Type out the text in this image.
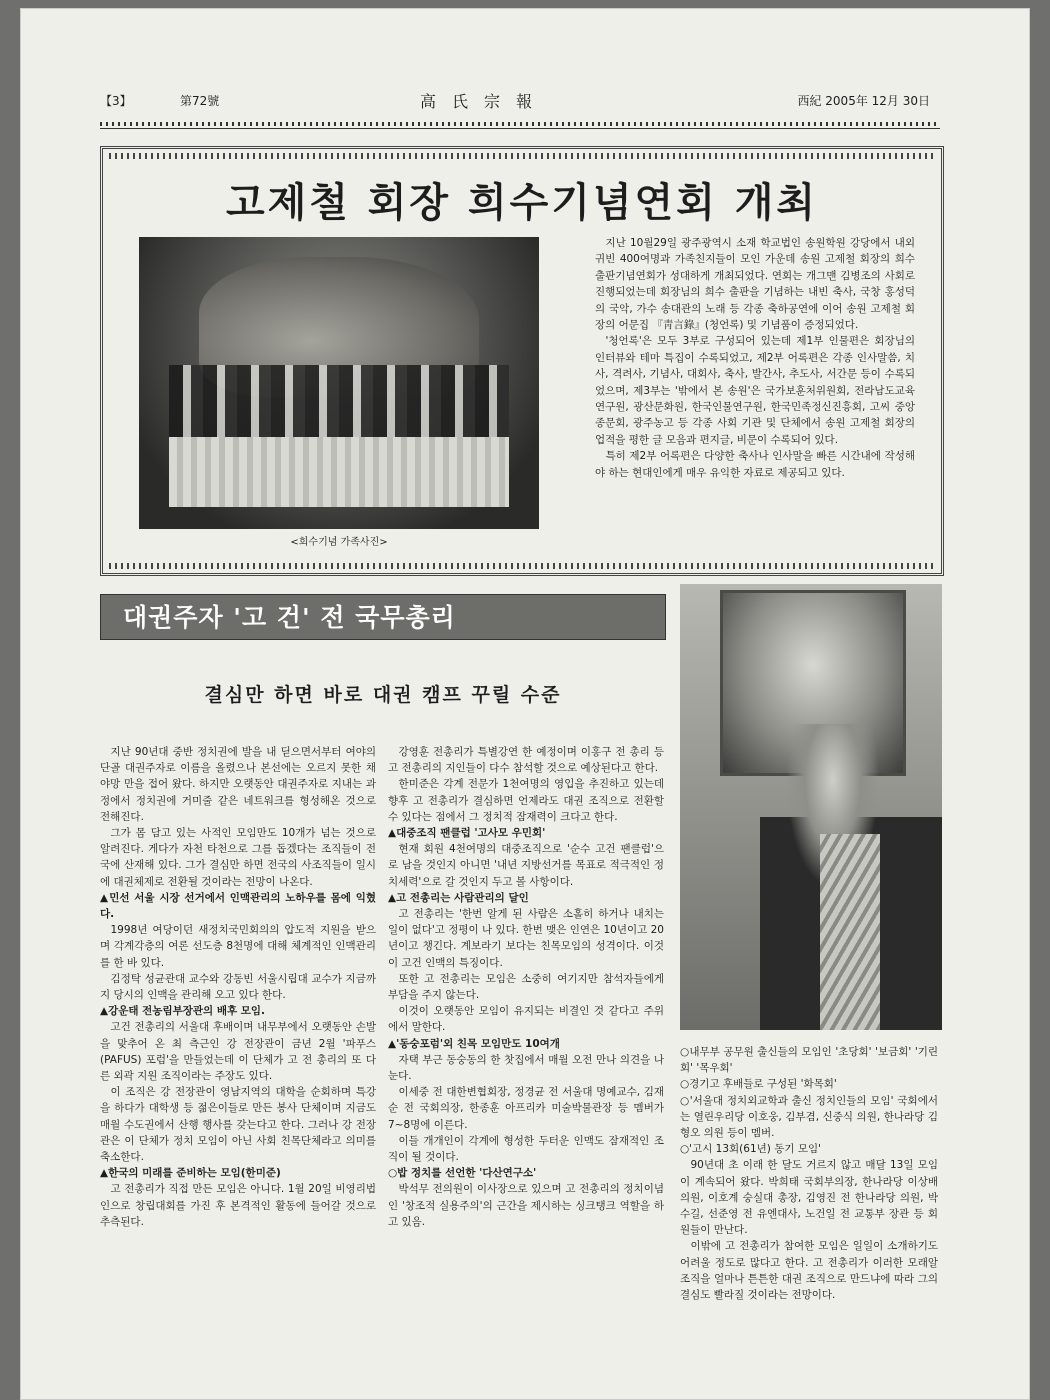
【3】	第72號	高氏宗報	西紀 2005年 12月 30日
고제철 회장 희수기념연회 개최
<희수기념 가족사진>

지난 10월29일 광주광역시 소재 학교법인 송원학원 강당에서 내외 귀빈 400여명과 가족친지들이 모인 가운데 송원 고제철 회장의 희수 출판기념연회가 성대하게 개최되었다. 연회는 개그맨 김병조의 사회로 진행되었는데 회장님의 희수 출판을 기념하는 내빈 축사, 국창 홍성덕의 국악, 가수 송대관의 노래 등 각종 축하공연에 이어 송원 고제철 회장의 어문집 『靑言錄』(청언록) 및 기념품이 증정되었다.

'청언록'은 모두 3부로 구성되어 있는데 제1부 인물편은 회장님의 인터뷰와 테마 특집이 수록되었고, 제2부 어록편은 각종 인사말씀, 치사, 격려사, 기념사, 대회사, 축사, 발간사, 추도사, 서간문 등이 수록되었으며, 제3부는 '밖에서 본 송원'은 국가보훈처위원회, 전라남도교육연구원, 광산문화원, 한국인물연구원, 한국민족정신진흥회, 고씨 중앙종문회, 광주농고 등 각종 사회 기관 및 단체에서 송원 고제철 회장의 업적을 평한 글 모음과 편지글, 비문이 수록되어 있다.

특히 제2부 어록편은 다양한 축사나 인사말을 빠른 시간내에 작성해야 하는 현대인에게 매우 유익한 자료로 제공되고 있다.

대권주자 '고 건' 전 국무총리
결심만 하면 바로 대권 캠프 꾸릴 수준

지난 90년대 중반 정치권에 발을 내 딛으면서부터 여야의 단골 대권주자로 이름을 올렸으나 본선에는 오르지 못한 채 야망 만을 접어 왔다. 하지만 오랫동안 대권주자로 지내는 과정에서 정치권에 거미줄 같은 네트워크를 형성해온 것으로 전해진다.

그가 몸 담고 있는 사적인 모임만도 10개가 넘는 것으로 알려진다. 게다가 자천 타천으로 그를 돕겠다는 조직들이 전국에 산재해 있다. 그가 결심만 하면 전국의 사조직들이 일시에 대권체제로 전환될 것이라는 전망이 나온다.

▲민선 서울 시장 선거에서 인맥관리의 노하우를 몸에 익혔다.

1998년 여당이던 새정치국민회의의 압도적 지원을 받으며 각계각층의 여론 선도층 8천명에 대해 체계적인 인맥관리를 한 바 있다.

김정탁 성균관대 교수와 강동빈 서울시립대 교수가 지금까지 당시의 인맥을 관리해 오고 있다 한다.

▲강운태 전농림부장관의 배후 모임.

고건 전총리의 서울대 후배이며 내무부에서 오랫동안 손발을 맞추어 온 최 측근인 강 전장관이 금년 2월 '파푸스(PAFUS) 포럼'을 만들었는데 이 단체가 고 전 총리의 또 다른 외곽 지원 조직이라는 주장도 있다.

이 조직은 강 전장관이 영남지역의 대학을 순회하며 특강을 하다가 대학생 등 젊은이들로 만든 봉사 단체이며 지금도 매월 수도권에서 산행 행사를 갖는다고 한다. 그러나 강 전장관은 이 단체가 정치 모임이 아닌 사회 친목단체라고 의미를 축소한다.

▲한국의 미래를 준비하는 모임(한미준)

고 전총리가 직접 만든 모임은 아니다. 1월 20일 비영리법인으로 창립대회를 가진 후 본격적인 활동에 들어갈 것으로 추측된다.

강영훈 전총리가 특별강연 한 예정이며 이홍구 전 총리 등 고 전총리의 지인들이 다수 참석할 것으로 예상된다고 한다.

한미준은 각계 전문가 1천여명의 영입을 추진하고 있는데 향후 고 전총리가 결심하면 언제라도 대권 조직으로 전환할 수 있다는 점에서 그 정치적 잠재력이 크다고 한다.

▲대중조직 팬클럽 '고사모 우민회'

현재 회원 4천여명의 대중조직으로 '순수 고건 팬클럽'으로 남을 것인지 아니면 '내년 지방선거를 목표로 적극적인 정치세력'으로 갈 것인지 두고 볼 사항이다.

▲고 전총리는 사람관리의 달인

고 전총리는 '한번 알게 된 사람은 소홀히 하거나 내치는 일이 없다'고 정평이 나 있다. 한번 맺은 인연은 10년이고 20년이고 챙긴다. 계보라기 보다는 친목모임의 성격이다. 이것이 고건 인맥의 특징이다.

또한 고 전총리는 모임은 소중히 여기지만 참석자들에게 부담을 주지 않는다.

이것이 오랫동안 모임이 유지되는 비결인 것 같다고 주위에서 말한다.

▲'동숭포럼'외 친목 모임만도 10여개

자택 부근 동숭동의 한 찻집에서 매월 오전 만나 의견을 나눈다.

이세중 전 대한변협회장, 정경균 전 서울대 명예교수, 김재순 전 국회의장, 한종훈 아프리카 미술박물관장 등 멤버가 7~8명에 이른다.

이들 개개인이 각계에 형성한 두터운 인맥도 잠재적인 조직이 될 것이다.

○밥 정치를 선언한 '다산연구소'

박석무 전의원이 이사장으로 있으며 고 전총리의 정치이념인 '창조적 실용주의'의 근간을 제시하는 싱크탱크 역할을 하고 있음.

○내무부 공무원 출신들의 모임인 '초당회' '보금회' '기린회' '목우회'

○경기고 후배들로 구성된 '화목회'

○'서울대 정치외교학과 출신 정치인들의 모임' 국회에서는 열린우리당 이호웅, 김부겸, 신중식 의원, 한나라당 김형오 의원 등이 멤버.

○'고시 13회(61년) 동기 모임'

90년대 초 이래 한 달도 거르지 않고 매달 13일 모임이 계속되어 왔다. 박희태 국회부의장, 한나라당 이상배 의원, 이호계 숭실대 총장, 김영진 전 한나라당 의원, 박수길, 선준영 전 유엔대사, 노건일 전 교통부 장관 등 회원들이 만난다.

이밖에 고 전총리가 참여한 모임은 일일이 소개하기도 어려울 정도로 많다고 한다. 고 전총리가 이러한 모래알 조직을 얼마나 튼튼한 대권 조직으로 만드냐에 따라 그의 결심도 빨라질 것이라는 전망이다.
